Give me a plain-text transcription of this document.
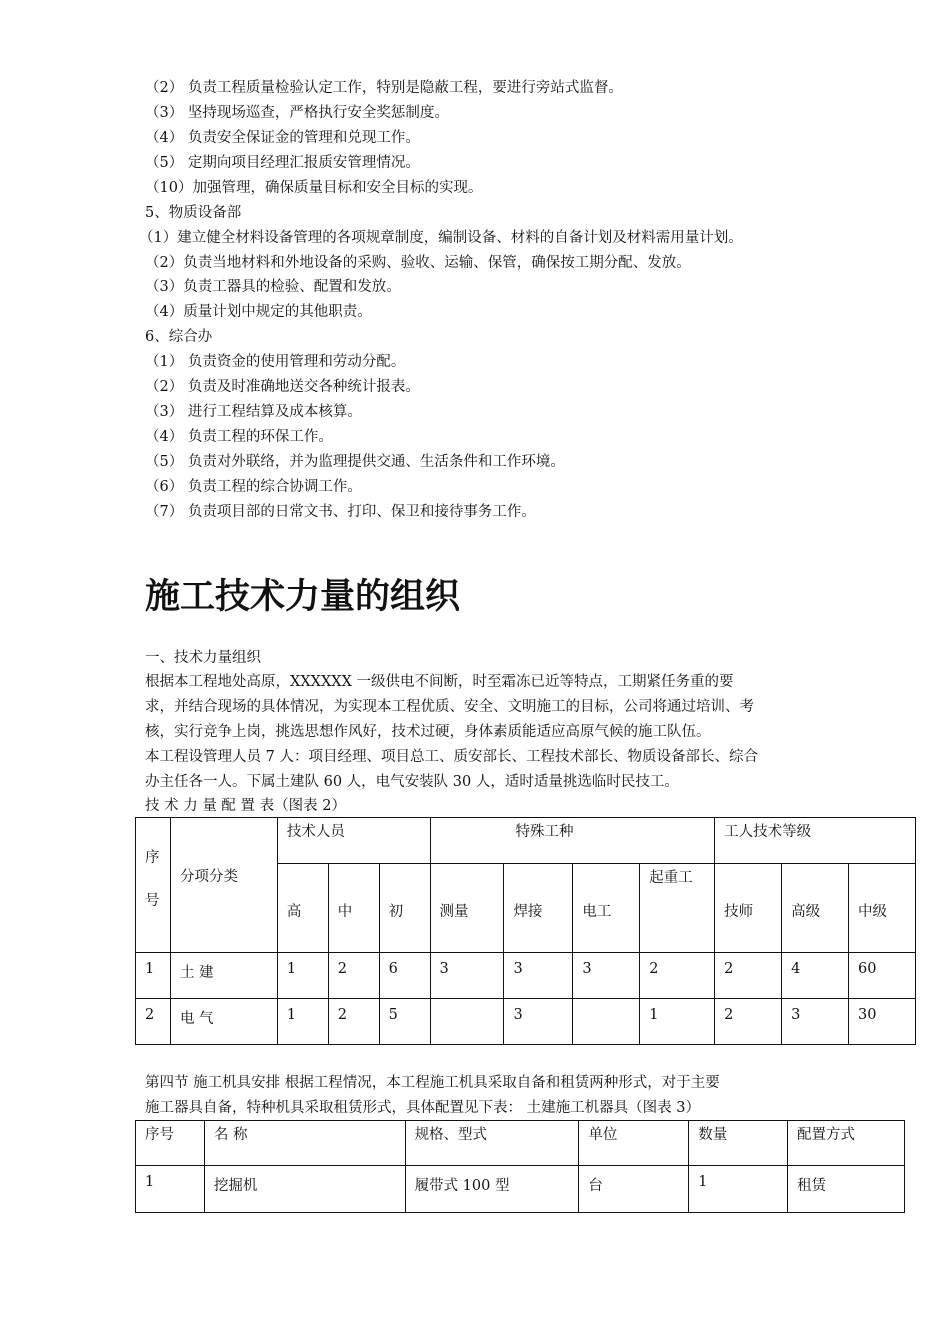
（2） 负责工程质量检验认定工作，特别是隐蔽工程，要进行旁站式监督。
（3） 坚持现场巡查，严格执行安全奖惩制度。
（4） 负责安全保证金的管理和兑现工作。
（5） 定期向项目经理汇报质安管理情况。
（10）加强管理，确保质量目标和安全目标的实现。
5、物质设备部
（1）建立健全材料设备管理的各项规章制度，编制设备、材料的自备计划及材料需用量计划。
（2）负责当地材料和外地设备的采购、验收、运输、保管，确保按工期分配、发放。
（3）负责工器具的检验、配置和发放。
（4）质量计划中规定的其他职责。
6、综合办
（1） 负责资金的使用管理和劳动分配。
（2） 负责及时准确地送交各种统计报表。
（3） 进行工程结算及成本核算。
（4） 负责工程的环保工作。
（5） 负责对外联络，并为监理提供交通、生活条件和工作环境。
（6） 负责工程的综合协调工作。
（7） 负责项目部的日常文书、打印、保卫和接待事务工作。
施工技术力量的组织
一、技术力量组织
根据本工程地处高原，XXXXXX 一级供电不间断，时至霜冻已近等特点，工期紧任务重的要
求，并结合现场的具体情况，为实现本工程优质、安全、文明施工的目标，公司将通过培训、考
核，实行竞争上岗，挑选思想作风好，技术过硬，身体素质能适应高原气候的施工队伍。
本工程设管理人员 7 人：项目经理、项目总工、质安部长、工程技术部长、物质设备部长、综合
办主任各一人。下属土建队 60 人，电气安装队 30 人，适时适量挑选临时民技工。
技 术 力 量 配 置 表（图表 2）
序
号	分项分类	技术人员			特殊工种				工人技术等级		
		高	中	初	测量	焊接	电工	起重工	技师	高级	中级
1	土 建	1	2	6	3	3	3	2	2	4	60
2	电 气	1	2	5		3		1	2	3	30
第四节 施工机具安排 根据工程情况，本工程施工机具采取自备和租赁两种形式，对于主要
施工器具自备，特种机具采取租赁形式，具体配置见下表： 土建施工机器具（图表 3）
序号	名 称	规格、型式	单位	数量	配置方式
1	挖掘机	履带式 100 型	台	1	租赁
